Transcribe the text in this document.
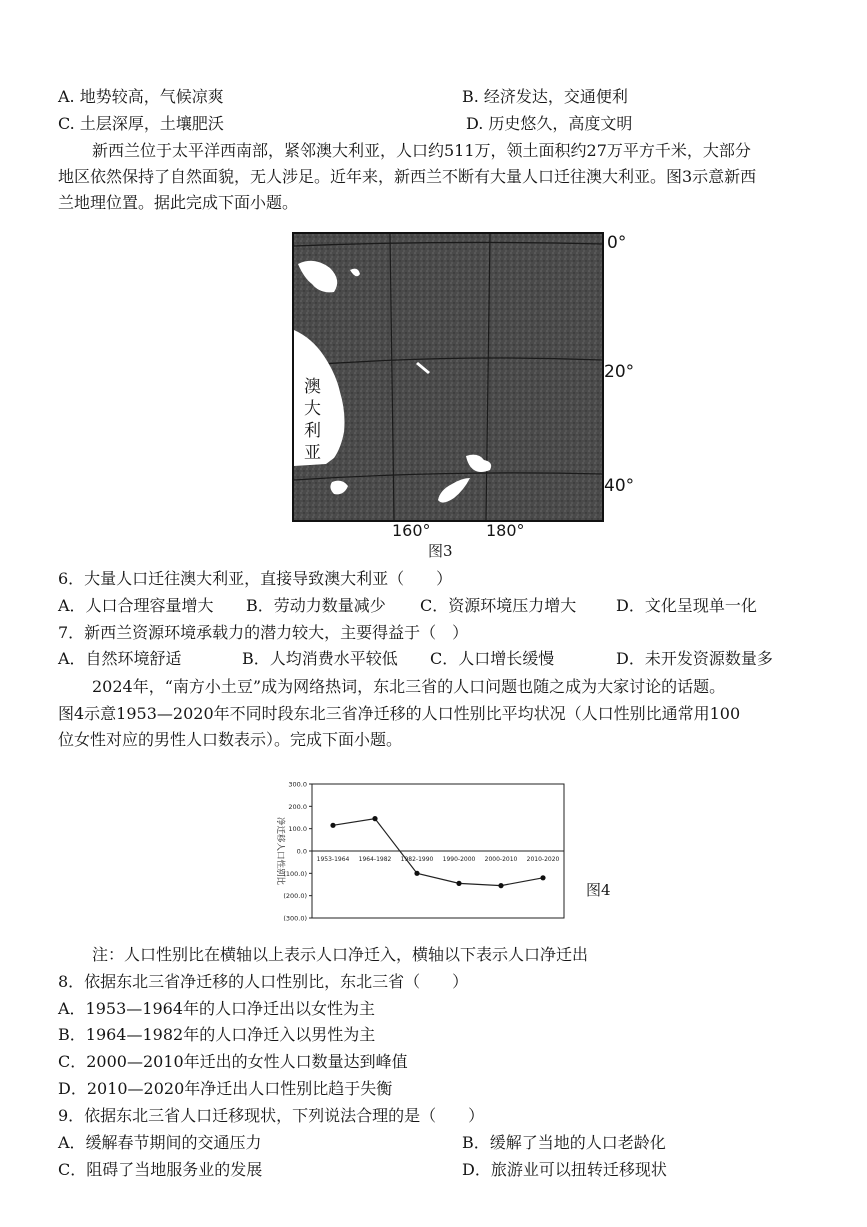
A. 地势较高，气候凉爽	B. 经济发达，交通便利
C. 土层深厚，土壤肥沃	D. 历史悠久，高度文明
新西兰位于太平洋西南部，紧邻澳大利亚，人口约511万，领土面积约27万平方千米，大部分
地区依然保持了自然面貌，无人涉足。近年来，新西兰不断有大量人口迁往澳大利亚。图3示意新西
兰地理位置。据此完成下面小题。
澳
大
利
亚
0°
20°
40°
160°	180°
图3
6．大量人口迁往澳大利亚，直接导致澳大利亚（　　）
A．人口合理容量增大 B．劳动力数量减少 C．资源环境压力增大 D．文化呈现单一化
7．新西兰资源环境承载力的潜力较大，主要得益于（　）
A．自然环境舒适	B．人均消费水平较低 C．人口增长缓慢	D．未开发资源数量多
2024年，“南方小土豆”成为网络热词，东北三省的人口问题也随之成为大家讨论的话题。
图4示意1953—2020年不同时段东北三省净迁移的人口性别比平均状况（人口性别比通常用100
位女性对应的男性人口数表示）。完成下面小题。
300.0
200.0
100.0
0.0
(100.0)
(200.0)
(300.0)
1953-1964 1964-1982 1982-1990 1990-2000 2000-2010 2010-2020
净迁移人口性别比
图4
注：人口性别比在横轴以上表示人口净迁入，横轴以下表示人口净迁出
8．依据东北三省净迁移的人口性别比，东北三省（　　）
A．1953—1964年的人口净迁出以女性为主
B．1964—1982年的人口净迁入以男性为主
C．2000—2010年迁出的女性人口数量达到峰值
D．2010—2020年净迁出人口性别比趋于失衡
9．依据东北三省人口迁移现状，下列说法合理的是（　　）
A．缓解春节期间的交通压力	B．缓解了当地的人口老龄化
C．阻碍了当地服务业的发展	D．旅游业可以扭转迁移现状
